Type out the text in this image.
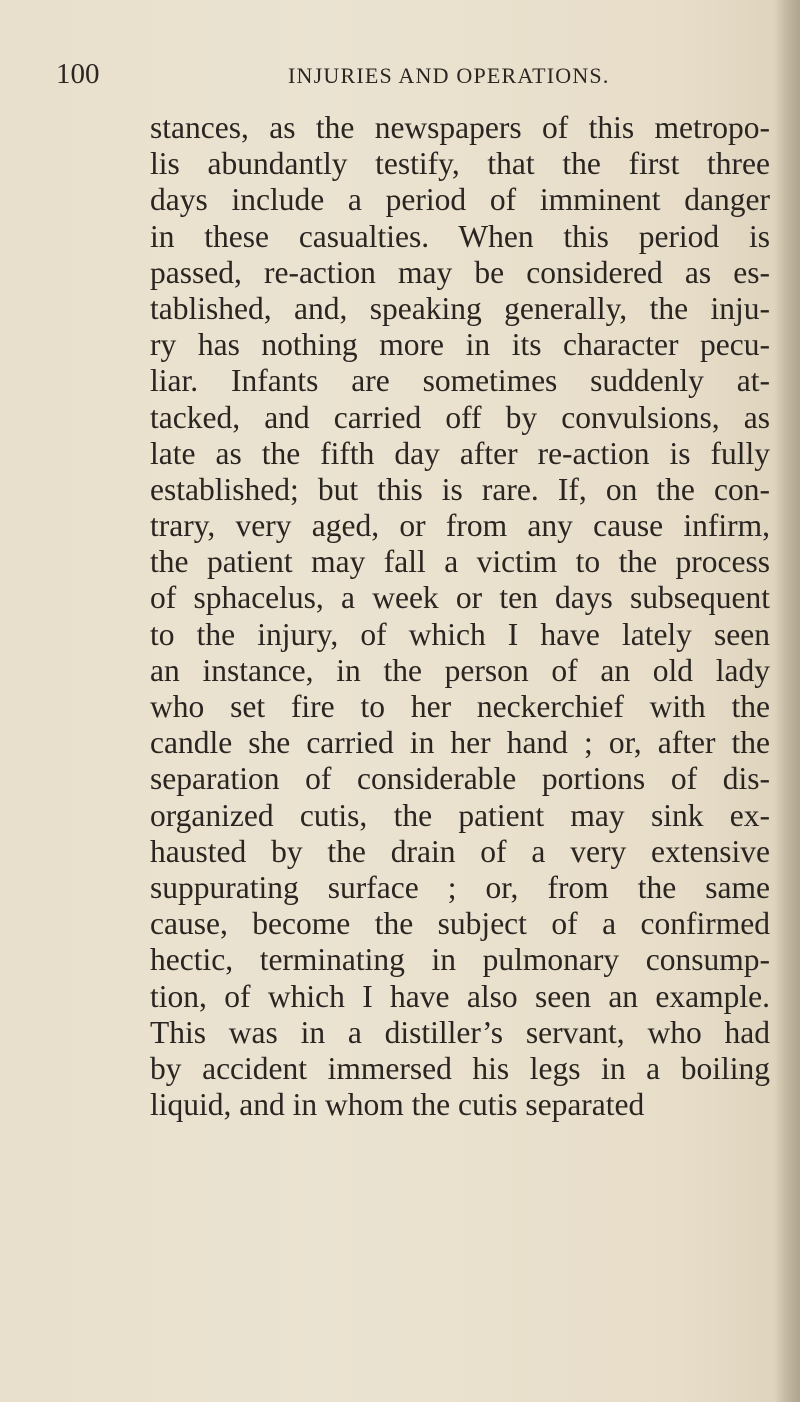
100	INJURIES AND OPERATIONS.
stances, as the newspapers of this metropo-
lis abundantly testify, that the first three
days include a period of imminent danger
in these casualties. When this period is
passed, re-action may be considered as es-
tablished, and, speaking generally, the inju-
ry has nothing more in its character pecu-
liar. Infants are sometimes suddenly at-
tacked, and carried off by convulsions, as
late as the fifth day after re-action is fully
established; but this is rare. If, on the con-
trary, very aged, or from any cause infirm,
the patient may fall a victim to the process
of sphacelus, a week or ten days subsequent
to the injury, of which I have lately seen
an instance, in the person of an old lady
who set fire to her neckerchief with the
candle she carried in her hand ; or, after the
separation of considerable portions of dis-
organized cutis, the patient may sink ex-
hausted by the drain of a very extensive
suppurating surface ; or, from the same
cause, become the subject of a confirmed
hectic, terminating in pulmonary consump-
tion, of which I have also seen an example.
This was in a distiller’s servant, who had
by accident immersed his legs in a boiling
liquid, and in whom the cutis separated
